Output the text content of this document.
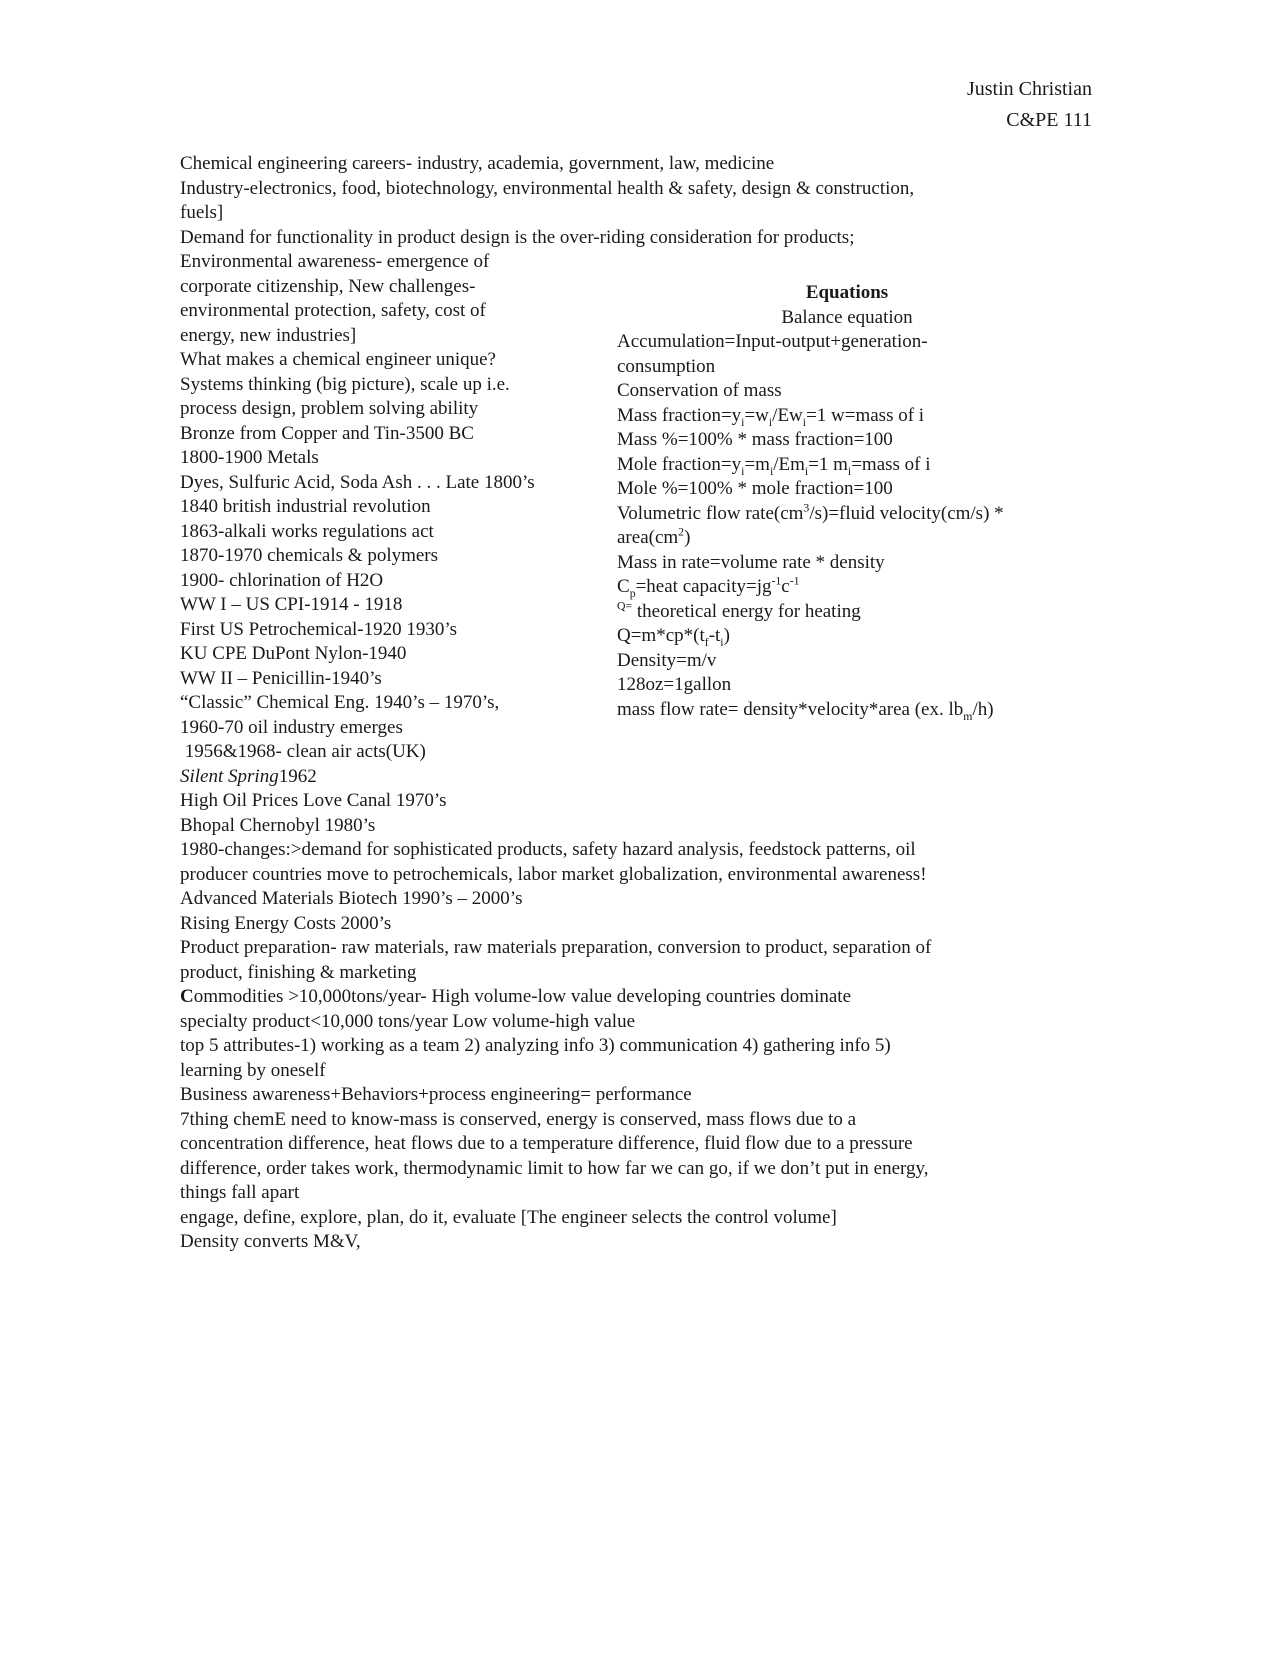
Justin Christian
C&PE 111
Chemical engineering careers- industry, academia, government, law, medicine
Industry-electronics, food, biotechnology, environmental health & safety, design & construction,
fuels]
Demand for functionality in product design is the over-riding consideration for products;
Environmental awareness- emergence of
corporate citizenship, New challenges-
environmental protection, safety, cost of
energy, new industries]
What makes a chemical engineer unique?
Systems thinking (big picture), scale up i.e.
process design, problem solving ability
Bronze from Copper and Tin-3500 BC
1800-1900 Metals
Dyes, Sulfuric Acid, Soda Ash . . . Late 1800’s
1840 british industrial revolution
1863-alkali works regulations act
1870-1970 chemicals & polymers
1900- chlorination of H2O
WW I – US CPI-1914 - 1918
First US Petrochemical-1920 1930’s
KU CPE DuPont Nylon-1940
WW II – Penicillin-1940’s
“Classic” Chemical Eng. 1940’s – 1970’s,
1960-70 oil industry emerges
1956&1968- clean air acts(UK)
Silent Spring1962
High Oil Prices Love Canal 1970’s
Bhopal Chernobyl 1980’s
1980-changes:>demand for sophisticated products, safety hazard analysis, feedstock patterns, oil
producer countries move to petrochemicals, labor market globalization, environmental awareness!
Advanced Materials Biotech 1990’s – 2000’s
Rising Energy Costs 2000’s
Product preparation- raw materials, raw materials preparation, conversion to product, separation of
product, finishing & marketing
Commodities >10,000tons/year- High volume-low value developing countries dominate
specialty product<10,000 tons/year Low volume-high value
top 5 attributes-1) working as a team 2) analyzing info 3) communication 4) gathering info 5)
learning by oneself
Business awareness+Behaviors+process engineering= performance
7thing chemE need to know-mass is conserved, energy is conserved, mass flows due to a
concentration difference, heat flows due to a temperature difference, fluid flow due to a pressure
difference, order takes work, thermodynamic limit to how far we can go, if we don’t put in energy,
things fall apart
engage, define, explore, plan, do it, evaluate [The engineer selects the control volume]
Density converts M&V,
Equations
Balance equation
Accumulation=Input-output+generation-
consumption
Conservation of mass
Mass $fraction=y_i=w_i/Ew_i=1$ w=mass of i
Mass %=100% * mass fraction=100
Mole $fraction=y_i=m_i/Em_i=1$ $m_i=mass$ of i
Mole %=100% * mole fraction=100
Volumetric flow $rate(cm^3/s)=fluid$ velocity(cm/s) *
$area(cm^2)$
Mass in rate=volume rate * density
$C_p=heat$ $capacity=jg^{-1}c^{-1}$
$^{Q=}$ theoretical energy for heating
$Q=m*cp*(t_f-t_i)$
Density=m/v
128oz=1gallon
mass flow rate= density*velocity*area (ex. $lb_m/h$)
